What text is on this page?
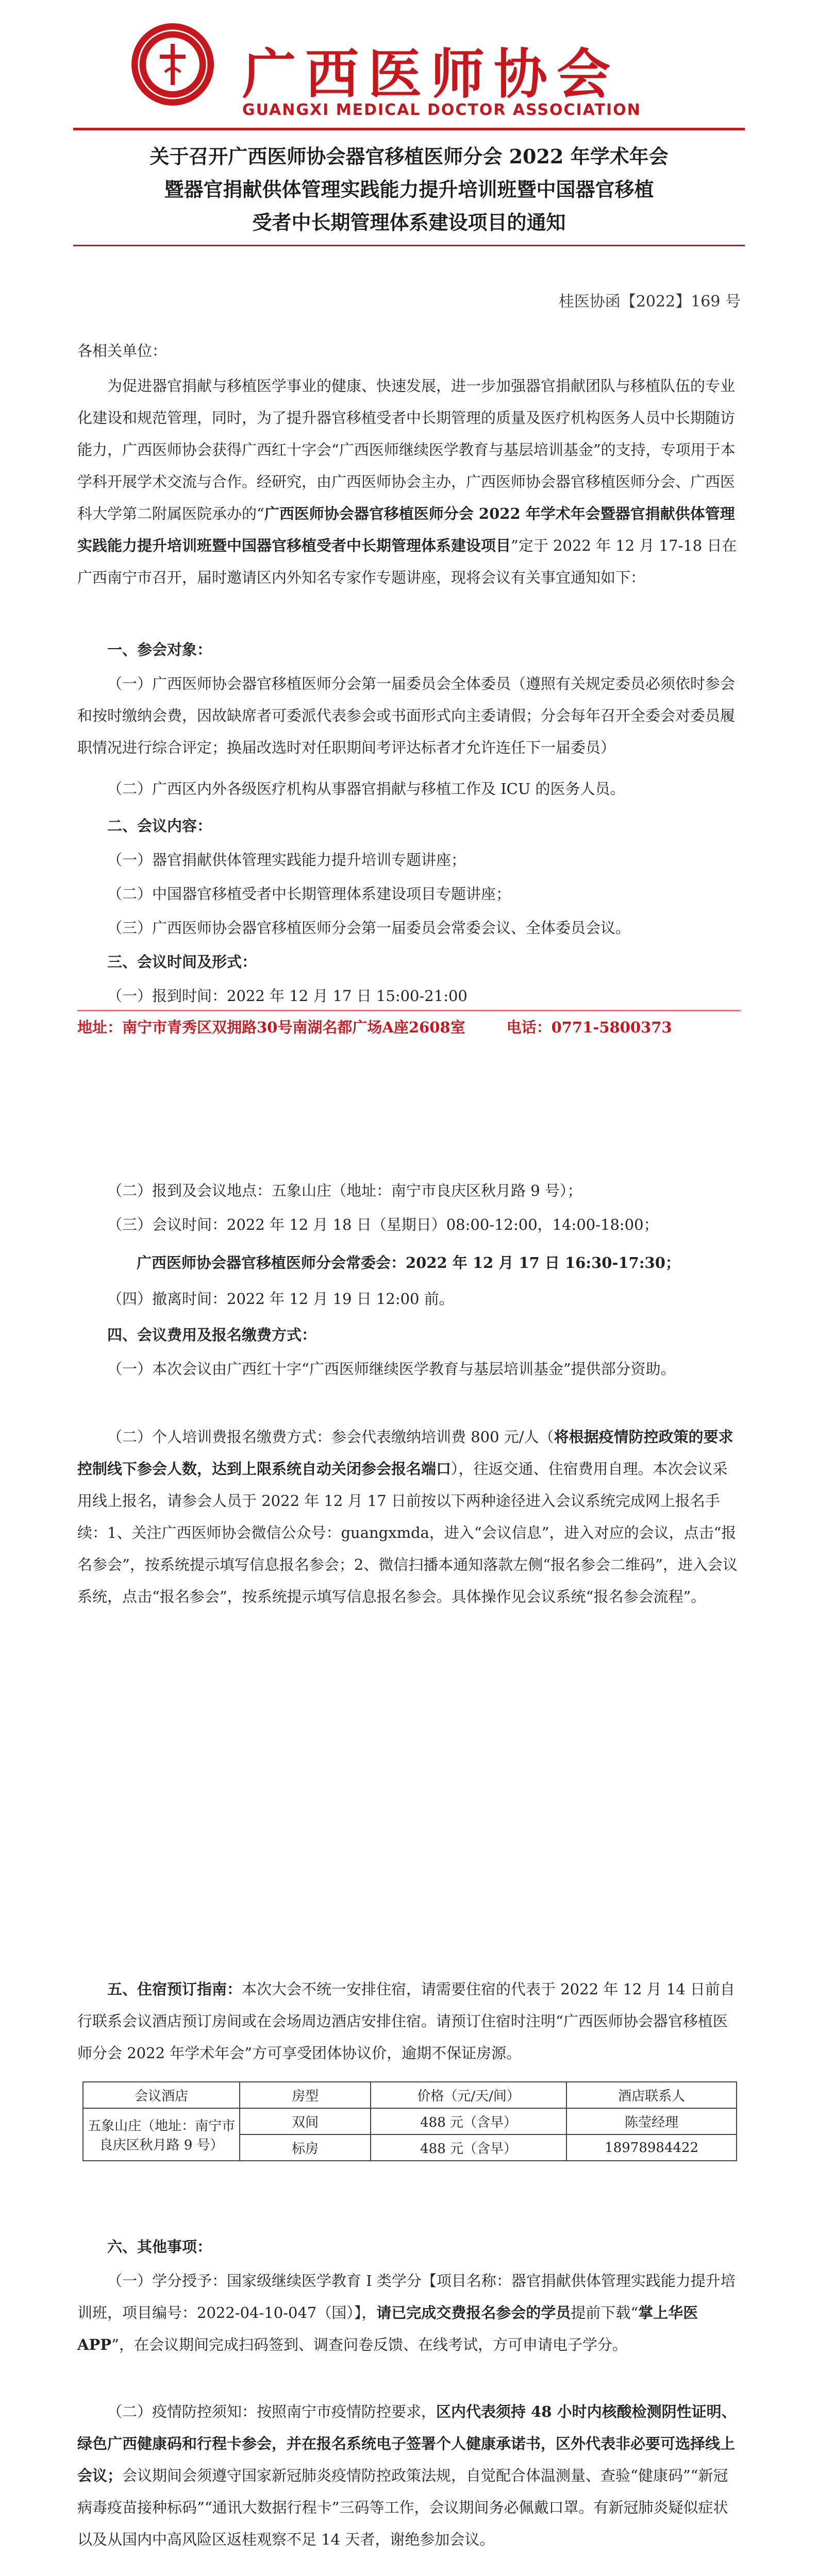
广西医师协会
GUANGXI MEDICAL DOCTOR ASSOCIATION
关于召开广西医师协会器官移植医师分会 2022 年学术年会
暨器官捐献供体管理实践能力提升培训班暨中国器官移植
受者中长期管理体系建设项目的通知
桂医协函【2022】169 号
各相关单位：
为促进器官捐献与移植医学事业的健康、快速发展，进一步加强器官捐献团队与移植队伍的专业化建设和规范管理，同时，为了提升器官移植受者中长期管理的质量及医疗机构医务人员中长期随访能力，广西医师协会获得广西红十字会“广西医师继续医学教育与基层培训基金”的支持，专项用于本学科开展学术交流与合作。经研究，由广西医师协会主办，广西医师协会器官移植医师分会、广西医科大学第二附属医院承办的“广西医师协会器官移植医师分会 2022 年学术年会暨器官捐献供体管理实践能力提升培训班暨中国器官移植受者中长期管理体系建设项目”定于 2022 年 12 月 17-18 日在广西南宁市召开，届时邀请区内外知名专家作专题讲座，现将会议有关事宜通知如下：
一、参会对象：
（一）广西医师协会器官移植医师分会第一届委员会全体委员（遵照有关规定委员必须依时参会和按时缴纳会费，因故缺席者可委派代表参会或书面形式向主委请假；分会每年召开全委会对委员履职情况进行综合评定；换届改选时对任职期间考评达标者才允许连任下一届委员）
（二）广西区内外各级医疗机构从事器官捐献与移植工作及 ICU 的医务人员。
二、会议内容：
（一）器官捐献供体管理实践能力提升培训专题讲座；
（二）中国器官移植受者中长期管理体系建设项目专题讲座；
（三）广西医师协会器官移植医师分会第一届委员会常委会议、全体委员会议。
三、会议时间及形式：
（一）报到时间：2022 年 12 月 17 日 15:00-21:00
地址：南宁市青秀区双拥路30号南湖名都广场A座2608室	电话：0771-5800373
（二）报到及会议地点：五象山庄（地址：南宁市良庆区秋月路 9 号）；
（三）会议时间：2022 年 12 月 18 日（星期日）08:00-12:00，14:00-18:00；
广西医师协会器官移植医师分会常委会：2022 年 12 月 17 日 16:30-17:30；
（四）撤离时间：2022 年 12 月 19 日 12:00 前。
四、会议费用及报名缴费方式：
（一）本次会议由广西红十字“广西医师继续医学教育与基层培训基金”提供部分资助。
（二）个人培训费报名缴费方式：参会代表缴纳培训费 800 元/人（将根据疫情防控政策的要求控制线下参会人数，达到上限系统自动关闭参会报名端口），往返交通、住宿费用自理。本次会议采用线上报名，请参会人员于 2022 年 12 月 17 日前按以下两种途径进入会议系统完成网上报名手续：1、关注广西医师协会微信公众号：guangxmda，进入“会议信息”，进入对应的会议，点击“报名参会”，按系统提示填写信息报名参会；2、微信扫播本通知落款左侧“报名参会二维码”，进入会议系统，点击“报名参会”，按系统提示填写信息报名参会。具体操作见会议系统“报名参会流程”。
五、住宿预订指南：本次大会不统一安排住宿，请需要住宿的代表于 2022 年 12 月 14 日前自行联系会议酒店预订房间或在会场周边酒店安排住宿。请预订住宿时注明“广西医师协会器官移植医师分会 2022 年学术年会”方可享受团体协议价，逾期不保证房源。
会议酒店	房型	价格（元/天/间）	酒店联系人
五象山庄（地址：南宁市良庆区秋月路 9 号）	双间	488 元（含早）	陈莹经理
	标房	488 元（含早）	18978984422
六、其他事项：
（一）学分授予：国家级继续医学教育 I 类学分【项目名称：器官捐献供体管理实践能力提升培训班，项目编号：2022-04-10-047（国）】，请已完成交费报名参会的学员提前下载“掌上华医 APP”，在会议期间完成扫码签到、调查问卷反馈、在线考试，方可申请电子学分。
（二）疫情防控须知：按照南宁市疫情防控要求，区内代表须持 48 小时内核酸检测阴性证明、绿色广西健康码和行程卡参会，并在报名系统电子签署个人健康承诺书，区外代表非必要可选择线上会议；会议期间会须遵守国家新冠肺炎疫情防控政策法规，自觉配合体温测量、查验“健康码”“新冠病毒疫苗接种标码”“通讯大数据行程卡”三码等工作，会议期间务必佩戴口罩。有新冠肺炎疑似症状以及从国内中高风险区返桂观察不足 14 天者，谢绝参加会议。
